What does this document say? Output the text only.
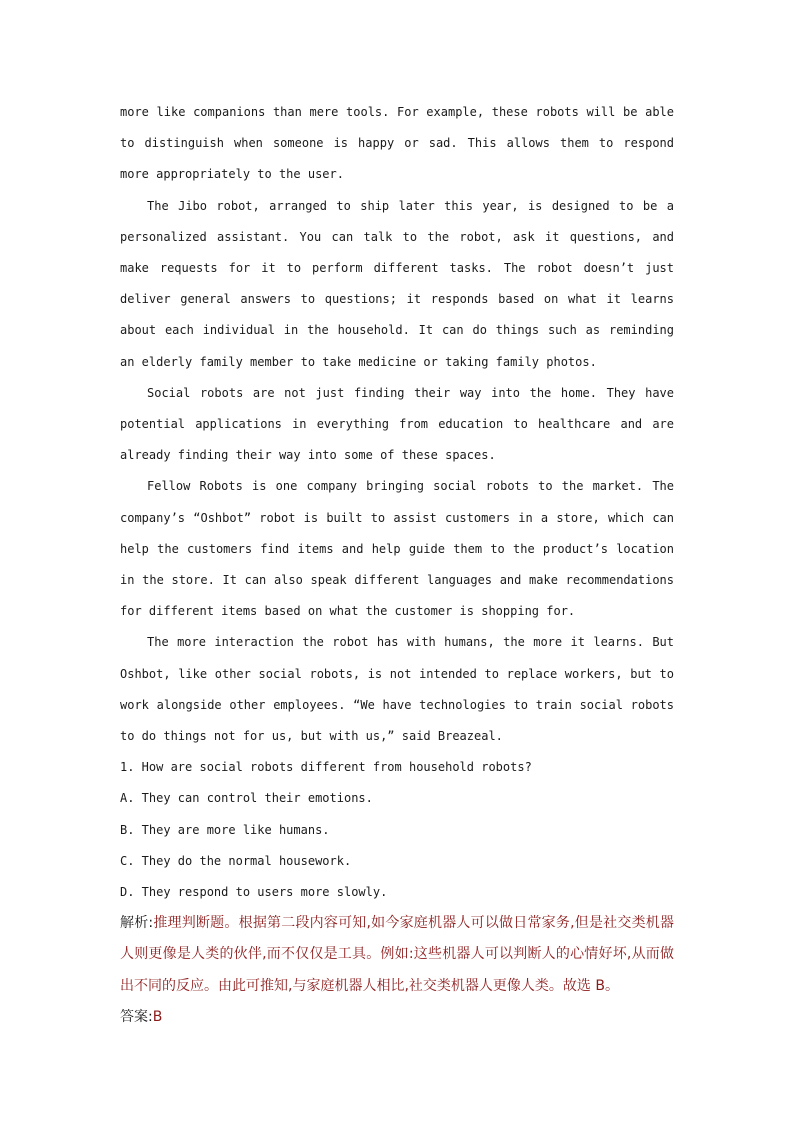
more like companions than mere tools. For example, these robots will be able to distinguish when someone is happy or sad. This allows them to respond more appropriately to the user.

The Jibo robot, arranged to ship later this year, is designed to be a personalized assistant. You can talk to the robot, ask it questions, and make requests for it to perform different tasks. The robot doesn’t just deliver general answers to questions; it responds based on what it learns about each individual in the household. It can do things such as reminding an elderly family member to take medicine or taking family photos.

Social robots are not just finding their way into the home. They have potential applications in everything from education to healthcare and are already finding their way into some of these spaces.

Fellow Robots is one company bringing social robots to the market. The company’s “Oshbot” robot is built to assist customers in a store, which can help the customers find items and help guide them to the product’s location in the store. It can also speak different languages and make recommendations for different items based on what the customer is shopping for.

The more interaction the robot has with humans, the more it learns. But Oshbot, like other social robots, is not intended to replace workers, but to work alongside other employees. “We have technologies to train social robots to do things not for us, but with us,” said Breazeal.

1. How are social robots different from household robots?

A. They can control their emotions.

B. They are more like humans.

C. They do the normal housework.

D. They respond to users more slowly.

解析:推理判断题。根据第二段内容可知,如今家庭机器人可以做日常家务,但是社交类机器人则更像是人类的伙伴,而不仅仅是工具。例如:这些机器人可以判断人的心情好坏,从而做出不同的反应。由此可推知,与家庭机器人相比,社交类机器人更像人类。故选 B。

答案:B
